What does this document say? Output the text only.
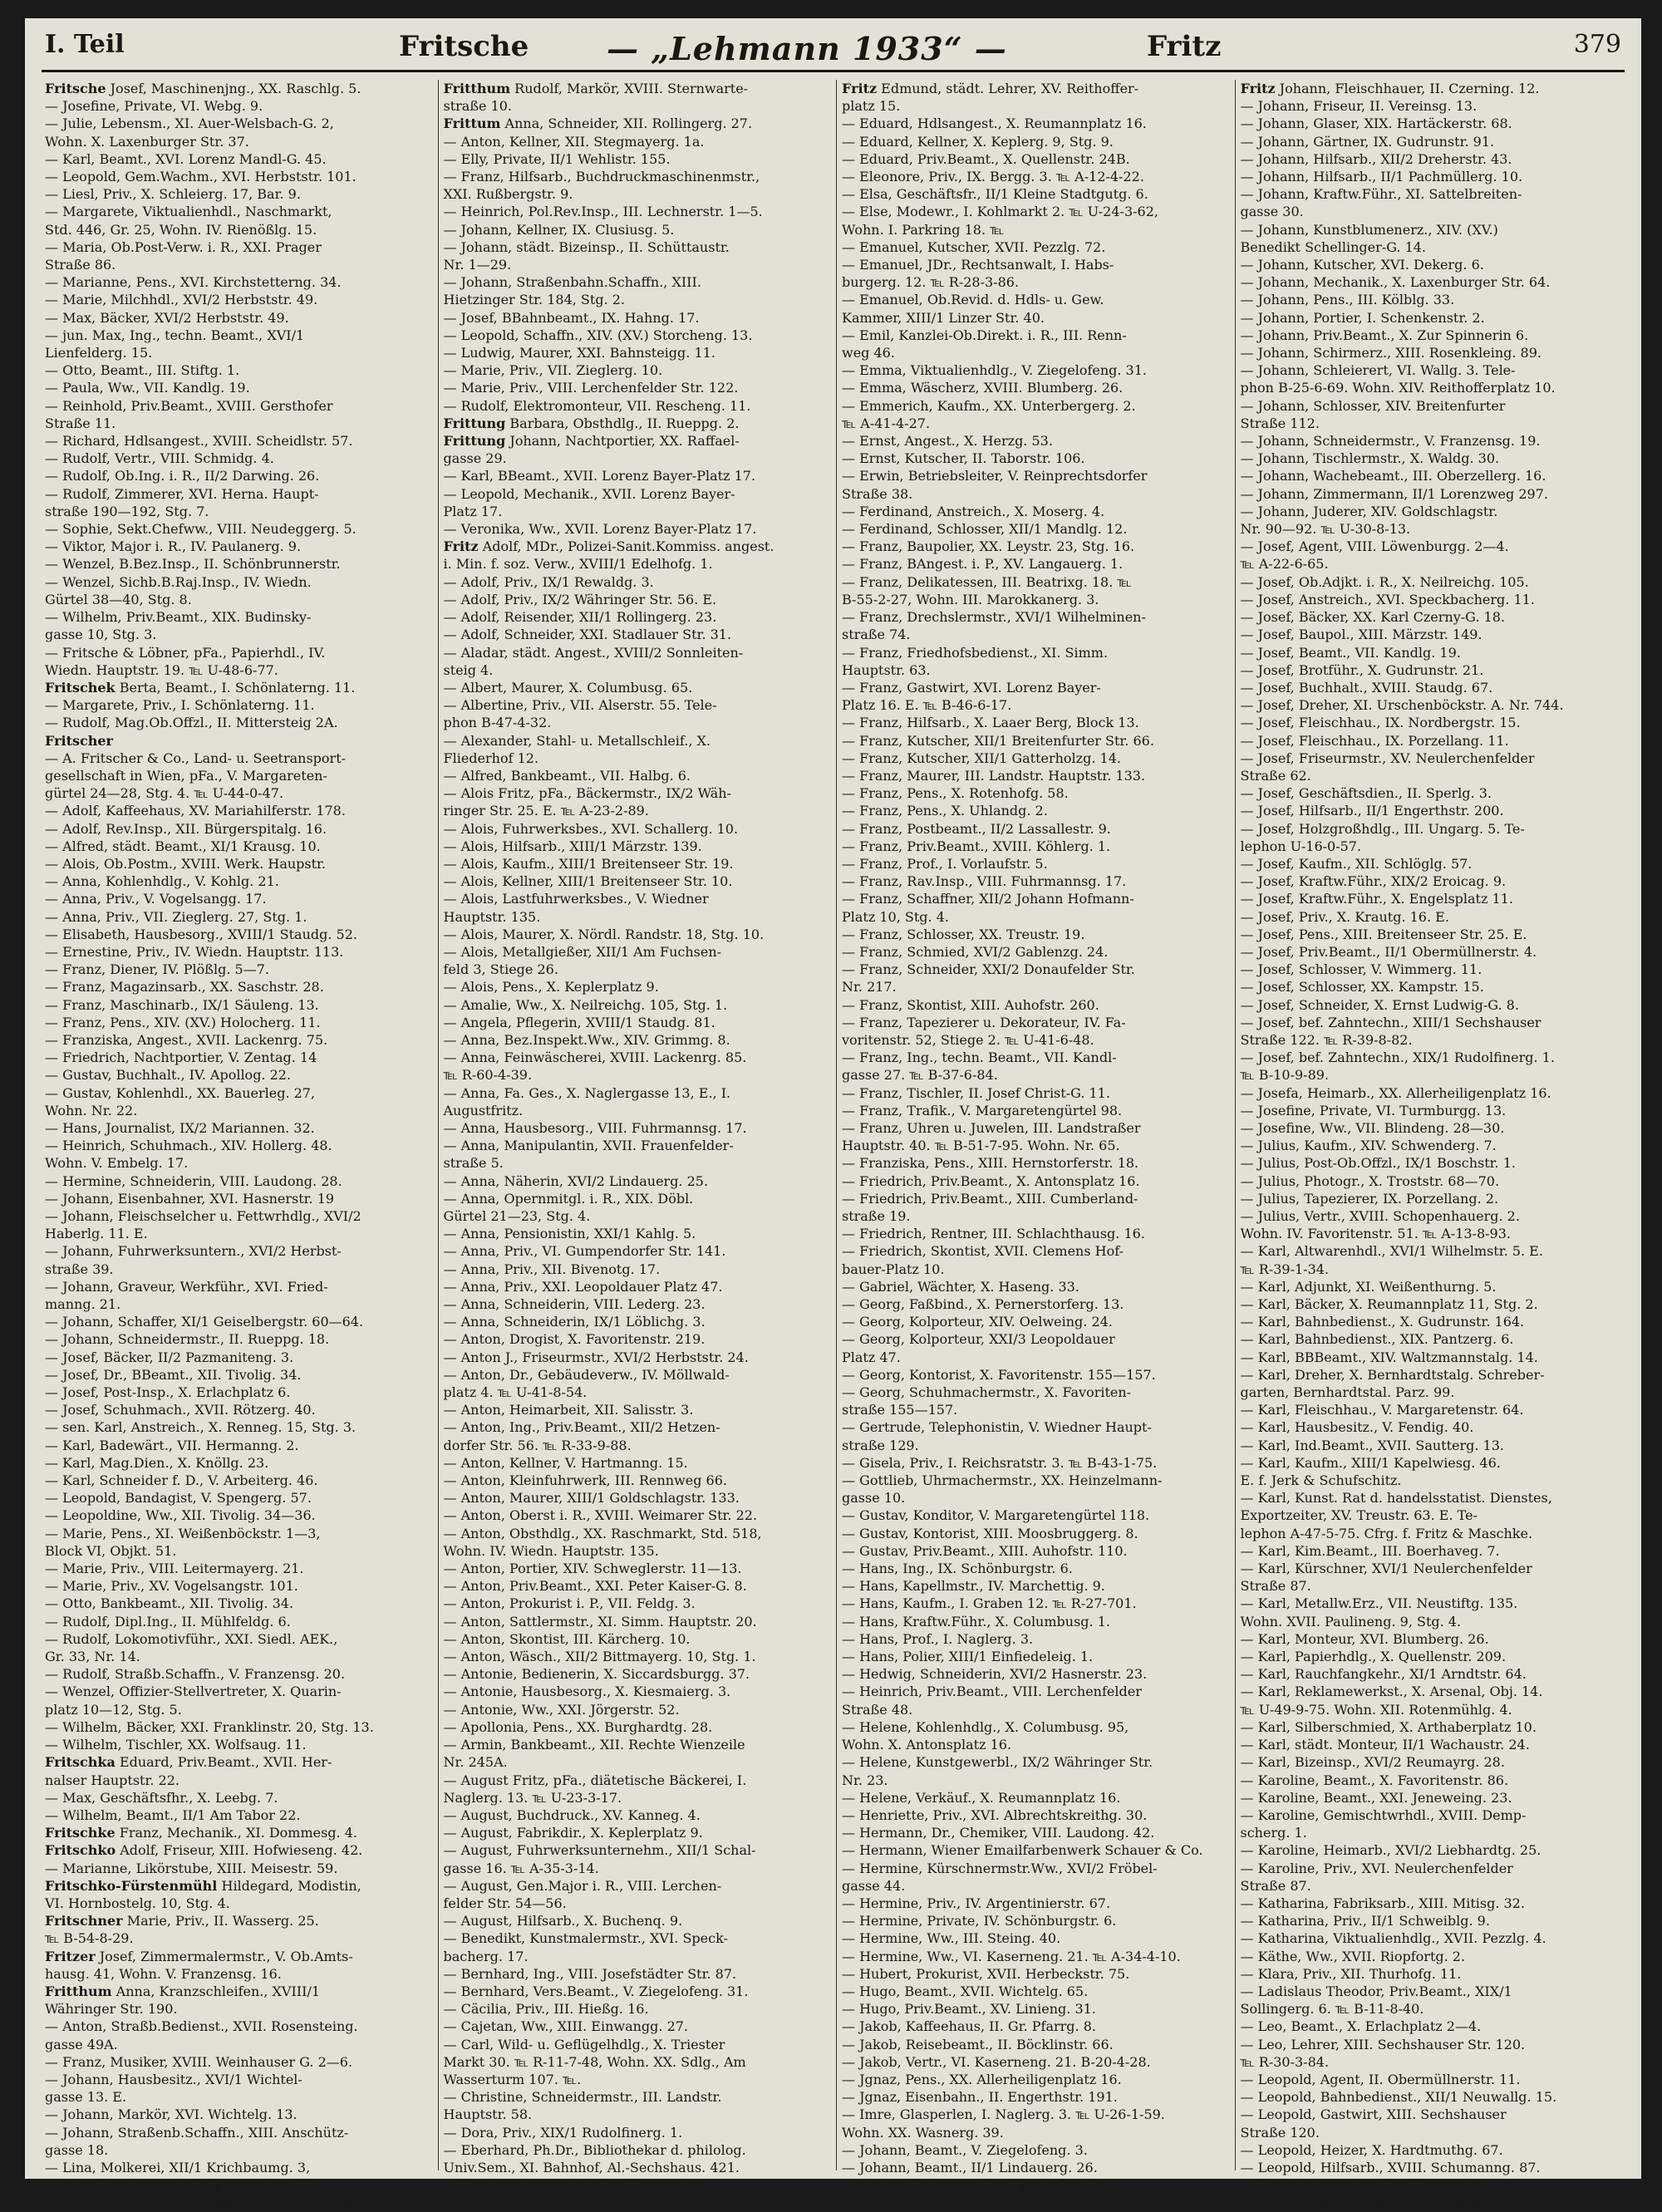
I. Teil	Fritsche — „Lehmann 1933“ —	Fritz	379
Fritsche Josef, Maschinenjng., XX. Raschlg. 5.
— Josefine, Private, VI. Webg. 9.
— Julie, Lebensm., XI. Auer-Welsbach-G. 2,
Wohn. X. Laxenburger Str. 37.
— Karl, Beamt., XVI. Lorenz Mandl-G. 45.
— Leopold, Gem.Wachm., XVI. Herbststr. 101.
— Liesl, Priv., X. Schleierg. 17, Bar. 9.
— Margarete, Viktualienhdl., Naschmarkt,
Std. 446, Gr. 25, Wohn. IV. Rienößlg. 15.
— Maria, Ob.Post-Verw. i. R., XXI. Prager
Straße 86.
— Marianne, Pens., XVI. Kirchstetterng. 34.
— Marie, Milchhdl., XVI/2 Herbststr. 49.
— Max, Bäcker, XVI/2 Herbststr. 49.
— jun. Max, Ing., techn. Beamt., XVI/1
Lienfelderg. 15.
— Otto, Beamt., III. Stiftg. 1.
— Paula, Ww., VII. Kandlg. 19.
— Reinhold, Priv.Beamt., XVIII. Gersthofer
Straße 11.
— Richard, Hdlsangest., XVIII. Scheidlstr. 57.
— Rudolf, Vertr., VIII. Schmidg. 4.
— Rudolf, Ob.Ing. i. R., II/2 Darwing. 26.
— Rudolf, Zimmerer, XVI. Herna. Haupt-
straße 190—192, Stg. 7.
— Sophie, Sekt.Chefww., VIII. Neudeggerg. 5.
— Viktor, Major i. R., IV. Paulanerg. 9.
— Wenzel, B.Bez.Insp., II. Schönbrunnerstr.
— Wenzel, Sichb.B.Raj.Insp., IV. Wiedn.
Gürtel 38—40, Stg. 8.
— Wilhelm, Priv.Beamt., XIX. Budinsky-
gasse 10, Stg. 3.
— Fritsche & Löbner, pFa., Papierhdl., IV.
Wiedn. Hauptstr. 19. ℡ U-48-6-77.
Fritschek Berta, Beamt., I. Schönlaterng. 11.
— Margarete, Priv., I. Schönlaterng. 11.
— Rudolf, Mag.Ob.Offzl., II. Mittersteig 2A.
Fritscher
— A. Fritscher & Co., Land- u. Seetransport-
gesellschaft in Wien, pFa., V. Margareten-
gürtel 24—28, Stg. 4. ℡ U-44-0-47.
— Adolf, Kaffeehaus, XV. Mariahilferstr. 178.
— Adolf, Rev.Insp., XII. Bürgerspitalg. 16.
— Alfred, städt. Beamt., XI/1 Krausg. 10.
— Alois, Ob.Postm., XVIII. Werk. Haupstr.
— Anna, Kohlenhdlg., V. Kohlg. 21.
— Anna, Priv., V. Vogelsangg. 17.
— Anna, Priv., VII. Zieglerg. 27, Stg. 1.
— Elisabeth, Hausbesorg., XVIII/1 Staudg. 52.
— Ernestine, Priv., IV. Wiedn. Hauptstr. 113.
— Franz, Diener, IV. Plößlg. 5—7.
— Franz, Magazinsarb., XX. Saschstr. 28.
— Franz, Maschinarb., IX/1 Säuleng. 13.
— Franz, Pens., XIV. (XV.) Holocherg. 11.
— Franziska, Angest., XVII. Lackenrg. 75.
— Friedrich, Nachtportier, V. Zentag. 14
— Gustav, Buchhalt., IV. Apollog. 22.
— Gustav, Kohlenhdl., XX. Bauerleg. 27,
Wohn. Nr. 22.
— Hans, Journalist, IX/2 Mariannen. 32.
— Heinrich, Schuhmach., XIV. Hollerg. 48.
Wohn. V. Embelg. 17.
— Hermine, Schneiderin, VIII. Laudong. 28.
— Johann, Eisenbahner, XVI. Hasnerstr. 19
— Johann, Fleischselcher u. Fettwrhdlg., XVI/2
Haberlg. 11. E.
— Johann, Fuhrwerksuntern., XVI/2 Herbst-
straße 39.
— Johann, Graveur, Werkführ., XVI. Fried-
manng. 21.
— Johann, Schaffer, XI/1 Geiselbergstr. 60—64.
— Johann, Schneidermstr., II. Rueppg. 18.
— Josef, Bäcker, II/2 Pazmaniteng. 3.
— Josef, Dr., BBeamt., XII. Tivolig. 34.
— Josef, Post-Insp., X. Erlachplatz 6.
— Josef, Schuhmach., XVII. Rötzerg. 40.
— sen. Karl, Anstreich., X. Renneg. 15, Stg. 3.
— Karl, Badewärt., VII. Hermanng. 2.
— Karl, Mag.Dien., X. Knöllg. 23.
— Karl, Schneider f. D., V. Arbeiterg. 46.
— Leopold, Bandagist, V. Spengerg. 57.
— Leopoldine, Ww., XII. Tivolig. 34—36.
— Marie, Pens., XI. Weißenböckstr. 1—3,
Block VI, Objkt. 51.
— Marie, Priv., VIII. Leitermayerg. 21.
— Marie, Priv., XV. Vogelsangstr. 101.
— Otto, Bankbeamt., XII. Tivolig. 34.
— Rudolf, Dipl.Ing., II. Mühlfeldg. 6.
— Rudolf, Lokomotivführ., XXI. Siedl. AEK.,
Gr. 33, Nr. 14.
— Rudolf, Straßb.Schaffn., V. Franzensg. 20.
— Wenzel, Offizier-Stellvertreter, X. Quarin-
platz 10—12, Stg. 5.
— Wilhelm, Bäcker, XXI. Franklinstr. 20, Stg. 13.
— Wilhelm, Tischler, XX. Wolfsaug. 11.
Fritschka Eduard, Priv.Beamt., XVII. Her-
nalser Hauptstr. 22.
— Max, Geschäftsfhr., X. Leebg. 7.
— Wilhelm, Beamt., II/1 Am Tabor 22.
Fritschke Franz, Mechanik., XI. Dommesg. 4.
Fritschko Adolf, Friseur, XIII. Hofwieseng. 42.
— Marianne, Likörstube, XIII. Meisestr. 59.
Fritschko-Fürstenmühl Hildegard, Modistin,
VI. Hornbostelg. 10, Stg. 4.
Fritschner Marie, Priv., II. Wasserg. 25.
℡ B-54-8-29.
Fritzer Josef, Zimmermalermstr., V. Ob.Amts-
hausg. 41, Wohn. V. Franzensg. 16.
Fritthum Anna, Kranzschleifen., XVIII/1
Währinger Str. 190.
— Anton, Straßb.Bedienst., XVII. Rosensteing.
gasse 49A.
— Franz, Musiker, XVIII. Weinhauser G. 2—6.
— Johann, Hausbesitz., XVI/1 Wichtel-
gasse 13. E.
— Johann, Markör, XVI. Wichtelg. 13.
— Johann, Straßenb.Schaffn., XIII. Anschütz-
gasse 18.
— Lina, Molkerei, XII/1 Krichbaumg. 3,
℡ R-36-1-54, Wohn. XVI/1 Wichtelg. 13.
— Rudolf, Elektroing., XVIII. Sternwartestr. 10.
Fritthum Rudolf, Markör, XVIII. Sternwarte-
straße 10.
Frittum Anna, Schneider, XII. Rollingerg. 27.
— Anton, Kellner, XII. Stegmayerg. 1a.
— Elly, Private, II/1 Wehlistr. 155.
— Franz, Hilfsarb., Buchdruckmaschinenmstr.,
XXI. Rußbergstr. 9.
— Heinrich, Pol.Rev.Insp., III. Lechnerstr. 1—5.
— Johann, Kellner, IX. Clusiusg. 5.
— Johann, städt. Bizeinsp., II. Schüttaustr.
Nr. 1—29.
— Johann, Straßenbahn.Schaffn., XIII.
Hietzinger Str. 184, Stg. 2.
— Josef, BBahnbeamt., IX. Hahng. 17.
— Leopold, Schaffn., XIV. (XV.) Storcheng. 13.
— Ludwig, Maurer, XXI. Bahnsteigg. 11.
— Marie, Priv., VII. Zieglerg. 10.
— Marie, Priv., VIII. Lerchenfelder Str. 122.
— Rudolf, Elektromonteur, VII. Rescheng. 11.
Frittung Barbara, Obsthdlg., II. Rueppg. 2.
Frittung Johann, Nachtportier, XX. Raffael-
gasse 29.
— Karl, BBeamt., XVII. Lorenz Bayer-Platz 17.
— Leopold, Mechanik., XVII. Lorenz Bayer-
Platz 17.
— Veronika, Ww., XVII. Lorenz Bayer-Platz 17.
Fritz Adolf, MDr., Polizei-Sanit.Kommiss. angest.
i. Min. f. soz. Verw., XVIII/1 Edelhofg. 1.
— Adolf, Priv., IX/1 Rewaldg. 3.
— Adolf, Priv., IX/2 Währinger Str. 56. E.
— Adolf, Reisender, XII/1 Rollingerg. 23.
— Adolf, Schneider, XXI. Stadlauer Str. 31.
— Aladar, städt. Angest., XVIII/2 Sonnleiten-
steig 4.
— Albert, Maurer, X. Columbusg. 65.
— Albertine, Priv., VII. Alserstr. 55. Tele-
phon B-47-4-32.
— Alexander, Stahl- u. Metallschleif., X.
Fliederhof 12.
— Alfred, Bankbeamt., VII. Halbg. 6.
— Alois Fritz, pFa., Bäckermstr., IX/2 Wäh-
ringer Str. 25. E. ℡ A-23-2-89.
— Alois, Fuhrwerksbes., XVI. Schallerg. 10.
— Alois, Hilfsarb., XIII/1 Märzstr. 139.
— Alois, Kaufm., XIII/1 Breitenseer Str. 19.
— Alois, Kellner, XIII/1 Breitenseer Str. 10.
— Alois, Lastfuhrwerksbes., V. Wiedner
Hauptstr. 135.
— Alois, Maurer, X. Nördl. Randstr. 18, Stg. 10.
— Alois, Metallgießer, XII/1 Am Fuchsen-
feld 3, Stiege 26.
— Alois, Pens., X. Keplerplatz 9.
— Amalie, Ww., X. Neilreichg. 105, Stg. 1.
— Angela, Pflegerin, XVIII/1 Staudg. 81.
— Anna, Bez.Inspekt.Ww., XIV. Grimmg. 8.
— Anna, Feinwäscherei, XVIII. Lackenrg. 85.
℡ R-60-4-39.
— Anna, Fa. Ges., X. Naglergasse 13, E., I.
Augustfritz.
— Anna, Hausbesorg., VIII. Fuhrmannsg. 17.
— Anna, Manipulantin, XVII. Frauenfelder-
straße 5.
— Anna, Näherin, XVI/2 Lindauerg. 25.
— Anna, Opernmitgl. i. R., XIX. Döbl.
Gürtel 21—23, Stg. 4.
— Anna, Pensionistin, XXI/1 Kahlg. 5.
— Anna, Priv., VI. Gumpendorfer Str. 141.
— Anna, Priv., XII. Bivenotg. 17.
— Anna, Priv., XXI. Leopoldauer Platz 47.
— Anna, Schneiderin, VIII. Lederg. 23.
— Anna, Schneiderin, IX/1 Löblichg. 3.
— Anton, Drogist, X. Favoritenstr. 219.
— Anton J., Friseurmstr., XVI/2 Herbststr. 24.
— Anton, Dr., Gebäudeverw., IV. Möllwald-
platz 4. ℡ U-41-8-54.
— Anton, Heimarbeit, XII. Salisstr. 3.
— Anton, Ing., Priv.Beamt., XII/2 Hetzen-
dorfer Str. 56. ℡ R-33-9-88.
— Anton, Kellner, V. Hartmanng. 15.
— Anton, Kleinfuhrwerk, III. Rennweg 66.
— Anton, Maurer, XIII/1 Goldschlagstr. 133.
— Anton, Oberst i. R., XVIII. Weimarer Str. 22.
— Anton, Obsthdlg., XX. Raschmarkt, Std. 518,
Wohn. IV. Wiedn. Hauptstr. 135.
— Anton, Portier, XIV. Schweglerstr. 11—13.
— Anton, Priv.Beamt., XXI. Peter Kaiser-G. 8.
— Anton, Prokurist i. P., VII. Feldg. 3.
— Anton, Sattlermstr., XI. Simm. Hauptstr. 20.
— Anton, Skontist, III. Kärcherg. 10.
— Anton, Wäsch., XII/2 Bittmayerg. 10, Stg. 1.
— Antonie, Bedienerin, X. Siccardsburgg. 37.
— Antonie, Hausbesorg., X. Kiesmaierg. 3.
— Antonie, Ww., XXI. Jörgerstr. 52.
— Apollonia, Pens., XX. Burghardtg. 28.
— Armin, Bankbeamt., XII. Rechte Wienzeile
Nr. 245A.
— August Fritz, pFa., diätetische Bäckerei, I.
Naglerg. 13. ℡ U-23-3-17.
— August, Buchdruck., XV. Kanneg. 4.
— August, Fabrikdir., X. Keplerplatz 9.
— August, Fuhrwerksunternehm., XII/1 Schal-
gasse 16. ℡ A-35-3-14.
— August, Gen.Major i. R., VIII. Lerchen-
felder Str. 54—56.
— August, Hilfsarb., X. Buchenq. 9.
— Benedikt, Kunstmalermstr., XVI. Speck-
bacherg. 17.
— Bernhard, Ing., VIII. Josefstädter Str. 87.
— Bernhard, Vers.Beamt., V. Ziegelofeng. 31.
— Cäcilia, Priv., III. Hießg. 16.
— Cajetan, Ww., XIII. Einwangg. 27.
— Carl, Wild- u. Geflügelhdlg., X. Triester
Markt 30. ℡ R-11-7-48, Wohn. XX. Sdlg., Am
Wasserturm 107. ℡.
— Christine, Schneidermstr., III. Landstr.
Hauptstr. 58.
— Dora, Priv., XIX/1 Rudolfinerg. 1.
— Eberhard, Ph.Dr., Bibliothekar d. philolog.
Univ.Sem., XI. Bahnhof, Al.-Sechshaus. 421.
— Edmund, Kutscher, XIII/1 Reinlg. 29.
Fritz Edmund, städt. Lehrer, XV. Reithoffer-
platz 15.
— Eduard, Hdlsangest., X. Reumannplatz 16.
— Eduard, Kellner, X. Keplerg. 9, Stg. 9.
— Eduard, Priv.Beamt., X. Quellenstr. 24B.
— Eleonore, Priv., IX. Bergg. 3. ℡ A-12-4-22.
— Elsa, Geschäftsfr., II/1 Kleine Stadtgutg. 6.
— Else, Modewr., I. Kohlmarkt 2. ℡ U-24-3-62,
Wohn. I. Parkring 18. ℡
— Emanuel, Kutscher, XVII. Pezzlg. 72.
— Emanuel, JDr., Rechtsanwalt, I. Habs-
burgerg. 12. ℡ R-28-3-86.
— Emanuel, Ob.Revid. d. Hdls- u. Gew.
Kammer, XIII/1 Linzer Str. 40.
— Emil, Kanzlei-Ob.Direkt. i. R., III. Renn-
weg 46.
— Emma, Viktualienhdlg., V. Ziegelofeng. 31.
— Emma, Wäscherz, XVIII. Blumberg. 26.
— Emmerich, Kaufm., XX. Unterbergerg. 2.
℡ A-41-4-27.
— Ernst, Angest., X. Herzg. 53.
— Ernst, Kutscher, II. Taborstr. 106.
— Erwin, Betriebsleiter, V. Reinprechtsdorfer
Straße 38.
— Ferdinand, Anstreich., X. Moserg. 4.
— Ferdinand, Schlosser, XII/1 Mandlg. 12.
— Franz, Baupolier, XX. Leystr. 23, Stg. 16.
— Franz, BAngest. i. P., XV. Langauerg. 1.
— Franz, Delikatessen, III. Beatrixg. 18. ℡
B-55-2-27, Wohn. III. Marokkanerg. 3.
— Franz, Drechslermstr., XVI/1 Wilhelminen-
straße 74.
— Franz, Friedhofsbedienst., XI. Simm.
Hauptstr. 63.
— Franz, Gastwirt, XVI. Lorenz Bayer-
Platz 16. E. ℡ B-46-6-17.
— Franz, Hilfsarb., X. Laaer Berg, Block 13.
— Franz, Kutscher, XII/1 Breitenfurter Str. 66.
— Franz, Kutscher, XII/1 Gatterholzg. 14.
— Franz, Maurer, III. Landstr. Hauptstr. 133.
— Franz, Pens., X. Rotenhofg. 58.
— Franz, Pens., X. Uhlandg. 2.
— Franz, Postbeamt., II/2 Lassallestr. 9.
— Franz, Priv.Beamt., XVIII. Köhlerg. 1.
— Franz, Prof., I. Vorlaufstr. 5.
— Franz, Rav.Insp., VIII. Fuhrmannsg. 17.
— Franz, Schaffner, XII/2 Johann Hofmann-
Platz 10, Stg. 4.
— Franz, Schlosser, XX. Treustr. 19.
— Franz, Schmied, XVI/2 Gablenzg. 24.
— Franz, Schneider, XXI/2 Donaufelder Str.
Nr. 217.
— Franz, Skontist, XIII. Auhofstr. 260.
— Franz, Tapezierer u. Dekorateur, IV. Fa-
voritenstr. 52, Stiege 2. ℡ U-41-6-48.
— Franz, Ing., techn. Beamt., VII. Kandl-
gasse 27. ℡ B-37-6-84.
— Franz, Tischler, II. Josef Christ-G. 11.
— Franz, Trafik., V. Margaretengürtel 98.
— Franz, Uhren u. Juwelen, III. Landstraßer
Hauptstr. 40. ℡ B-51-7-95. Wohn. Nr. 65.
— Franziska, Pens., XIII. Hernstorferstr. 18.
— Friedrich, Priv.Beamt., X. Antonsplatz 16.
— Friedrich, Priv.Beamt., XIII. Cumberland-
straße 19.
— Friedrich, Rentner, III. Schlachthausg. 16.
— Friedrich, Skontist, XVII. Clemens Hof-
bauer-Platz 10.
— Gabriel, Wächter, X. Haseng. 33.
— Georg, Faßbind., X. Pernerstorferg. 13.
— Georg, Kolporteur, XIV. Oelweing. 24.
— Georg, Kolporteur, XXI/3 Leopoldauer
Platz 47.
— Georg, Kontorist, X. Favoritenstr. 155—157.
— Georg, Schuhmachermstr., X. Favoriten-
straße 155—157.
— Gertrude, Telephonistin, V. Wiedner Haupt-
straße 129.
— Gisela, Priv., I. Reichsratstr. 3. ℡ B-43-1-75.
— Gottlieb, Uhrmachermstr., XX. Heinzelmann-
gasse 10.
— Gustav, Konditor, V. Margaretengürtel 118.
— Gustav, Kontorist, XIII. Moosbruggerg. 8.
— Gustav, Priv.Beamt., XIII. Auhofstr. 110.
— Hans, Ing., IX. Schönburgstr. 6.
— Hans, Kapellmstr., IV. Marchettig. 9.
— Hans, Kaufm., I. Graben 12. ℡ R-27-701.
— Hans, Kraftw.Führ., X. Columbusg. 1.
— Hans, Prof., I. Naglerg. 3.
— Hans, Polier, XIII/1 Einfiedeleig. 1.
— Hedwig, Schneiderin, XVI/2 Hasnerstr. 23.
— Heinrich, Priv.Beamt., VIII. Lerchenfelder
Straße 48.
— Helene, Kohlenhdlg., X. Columbusg. 95,
Wohn. X. Antonsplatz 16.
— Helene, Kunstgewerbl., IX/2 Währinger Str.
Nr. 23.
— Helene, Verkäuf., X. Reumannplatz 16.
— Henriette, Priv., XVI. Albrechtskreithg. 30.
— Hermann, Dr., Chemiker, VIII. Laudong. 42.
— Hermann, Wiener Emailfarbenwerk Schauer & Co.
— Hermine, Kürschnermstr.Ww., XVI/2 Fröbel-
gasse 44.
— Hermine, Priv., IV. Argentinierstr. 67.
— Hermine, Private, IV. Schönburgstr. 6.
— Hermine, Ww., III. Steing. 40.
— Hermine, Ww., VI. Kaserneng. 21. ℡ A-34-4-10.
— Hubert, Prokurist, XVII. Herbeckstr. 75.
— Hugo, Beamt., XVII. Wichtelg. 65.
— Hugo, Priv.Beamt., XV. Linieng. 31.
— Jakob, Kaffeehaus, II. Gr. Pfarrg. 8.
— Jakob, Reisebeamt., II. Böcklinstr. 66.
— Jakob, Vertr., VI. Kaserneng. 21. B-20-4-28.
— Jgnaz, Pens., XX. Allerheiligenplatz 16.
— Jgnaz, Eisenbahn., II. Engerthstr. 191.
— Imre, Glasperlen, I. Naglerg. 3. ℡ U-26-1-59.
Wohn. XX. Wasnerg. 39.
— Johann, Beamt., V. Ziegelofeng. 3.
— Johann, Beamt., II/1 Lindauerg. 26.
— Johann, Buchhalt., XXI. Jenweing. 21.
Fritz Johann, Fleischhauer, II. Czerning. 12.
— Johann, Friseur, II. Vereinsg. 13.
— Johann, Glaser, XIX. Hartäckerstr. 68.
— Johann, Gärtner, IX. Gudrunstr. 91.
— Johann, Hilfsarb., XII/2 Dreherstr. 43.
— Johann, Hilfsarb., II/1 Pachmüllerg. 10.
— Johann, Kraftw.Führ., XI. Sattelbreiten-
gasse 30.
— Johann, Kunstblumenerz., XIV. (XV.)
Benedikt Schellinger-G. 14.
— Johann, Kutscher, XVI. Dekerg. 6.
— Johann, Mechanik., X. Laxenburger Str. 64.
— Johann, Pens., III. Kölblg. 33.
— Johann, Portier, I. Schenkenstr. 2.
— Johann, Priv.Beamt., X. Zur Spinnerin 6.
— Johann, Schirmerz., XIII. Rosenkleing. 89.
— Johann, Schleierert, VI. Wallg. 3. Tele-
phon B-25-6-69. Wohn. XIV. Reithofferplatz 10.
— Johann, Schlosser, XIV. Breitenfurter
Straße 112.
— Johann, Schneidermstr., V. Franzensg. 19.
— Johann, Tischlermstr., X. Waldg. 30.
— Johann, Wachebeamt., III. Oberzellerg. 16.
— Johann, Zimmermann, II/1 Lorenzweg 297.
— Johann, Juderer, XIV. Goldschlagstr.
Nr. 90—92. ℡ U-30-8-13.
— Josef, Agent, VIII. Löwenburgg. 2—4.
℡ A-22-6-65.
— Josef, Ob.Adjkt. i. R., X. Neilreichg. 105.
— Josef, Anstreich., XVI. Speckbacherg. 11.
— Josef, Bäcker, XX. Karl Czerny-G. 18.
— Josef, Baupol., XIII. Märzstr. 149.
— Josef, Beamt., VII. Kandlg. 19.
— Josef, Brotführ., X. Gudrunstr. 21.
— Josef, Buchhalt., XVIII. Staudg. 67.
— Josef, Dreher, XI. Urschenböckstr. A. Nr. 744.
— Josef, Fleischhau., IX. Nordbergstr. 15.
— Josef, Fleischhau., IX. Porzellang. 11.
— Josef, Friseurmstr., XV. Neulerchenfelder
Straße 62.
— Josef, Geschäftsdien., II. Sperlg. 3.
— Josef, Hilfsarb., II/1 Engerthstr. 200.
— Josef, Holzgroßhdlg., III. Ungarg. 5. Te-
lephon U-16-0-57.
— Josef, Kaufm., XII. Schlöglg. 57.
— Josef, Kraftw.Führ., XIX/2 Eroicag. 9.
— Josef, Kraftw.Führ., X. Engelsplatz 11.
— Josef, Priv., X. Krautg. 16. E.
— Josef, Pens., XIII. Breitenseer Str. 25. E.
— Josef, Priv.Beamt., II/1 Obermüllnerstr. 4.
— Josef, Schlosser, V. Wimmerg. 11.
— Josef, Schlosser, XX. Kampstr. 15.
— Josef, Schneider, X. Ernst Ludwig-G. 8.
— Josef, bef. Zahntechn., XIII/1 Sechshauser
Straße 122. ℡ R-39-8-82.
— Josef, bef. Zahntechn., XIX/1 Rudolfinerg. 1.
℡ B-10-9-89.
— Josefa, Heimarb., XX. Allerheiligenplatz 16.
— Josefine, Private, VI. Turmburgg. 13.
— Josefine, Ww., VII. Blindeng. 28—30.
— Julius, Kaufm., XIV. Schwenderg. 7.
— Julius, Post-Ob.Offzl., IX/1 Boschstr. 1.
— Julius, Photogr., X. Troststr. 68—70.
— Julius, Tapezierer, IX. Porzellang. 2.
— Julius, Vertr., XVIII. Schopenhauerg. 2.
Wohn. IV. Favoritenstr. 51. ℡ A-13-8-93.
— Karl, Altwarenhdl., XVI/1 Wilhelmstr. 5. E.
℡ R-39-1-34.
— Karl, Adjunkt, XI. Weißenthurng. 5.
— Karl, Bäcker, X. Reumannplatz 11, Stg. 2.
— Karl, Bahnbedienst., X. Gudrunstr. 164.
— Karl, Bahnbedienst., XIX. Pantzerg. 6.
— Karl, BBBeamt., XIV. Waltzmannstalg. 14.
— Karl, Dreher, X. Bernhardtstalg. Schreber-
garten, Bernhardtstal. Parz. 99.
— Karl, Fleischhau., V. Margaretenstr. 64.
— Karl, Hausbesitz., V. Fendig. 40.
— Karl, Ind.Beamt., XVII. Sautterg. 13.
— Karl, Kaufm., XIII/1 Kapelwiesg. 46.
E. f. Jerk & Schufschitz.
— Karl, Kunst. Rat d. handelsstatist. Dienstes,
Exportzeiter, XV. Treustr. 63. E. Te-
lephon A-47-5-75. Cfrg. f. Fritz & Maschke.
— Karl, Kim.Beamt., III. Boerhaveg. 7.
— Karl, Kürschner, XVI/1 Neulerchenfelder
Straße 87.
— Karl, Metallw.Erz., VII. Neustiftg. 135.
Wohn. XVII. Paulineng. 9, Stg. 4.
— Karl, Monteur, XVI. Blumberg. 26.
— Karl, Papierhdlg., X. Quellenstr. 209.
— Karl, Rauchfangkehr., XI/1 Arndtstr. 64.
— Karl, Reklamewerkst., X. Arsenal, Obj. 14.
℡ U-49-9-75. Wohn. XII. Rotenmühlg. 4.
— Karl, Silberschmied, X. Arthaberplatz 10.
— Karl, städt. Monteur, II/1 Wachaustr. 24.
— Karl, Bizeinsp., XVI/2 Reumayrg. 28.
— Karoline, Beamt., X. Favoritenstr. 86.
— Karoline, Beamt., XXI. Jeneweing. 23.
— Karoline, Gemischtwrhdl., XVIII. Demp-
scherg. 1.
— Karoline, Heimarb., XVI/2 Liebhardtg. 25.
— Karoline, Priv., XVI. Neulerchenfelder
Straße 87.
— Katharina, Fabriksarb., XIII. Mitisg. 32.
— Katharina, Priv., II/1 Schweiblg. 9.
— Katharina, Viktualienhdlg., XVII. Pezzlg. 4.
— Käthe, Ww., XVII. Riopfortg. 2.
— Klara, Priv., XII. Thurhofg. 11.
— Ladislaus Theodor, Priv.Beamt., XIX/1
Sollingerg. 6. ℡ B-11-8-40.
— Leo, Beamt., X. Erlachplatz 2—4.
— Leo, Lehrer, XIII. Sechshauser Str. 120.
℡ R-30-3-84.
— Leopold, Agent, II. Obermüllnerstr. 11.
— Leopold, Bahnbedienst., XII/1 Neuwallg. 15.
— Leopold, Gastwirt, XIII. Sechshauser
Straße 120.
— Leopold, Heizer, X. Hardtmuthg. 67.
— Leopold, Hilfsarb., XVIII. Schumanng. 87.
— Leopold, Hilfsarb., XIX. Muthg. 5.
— Leopold, Pens., XIX. Gunoldstr. 14.
